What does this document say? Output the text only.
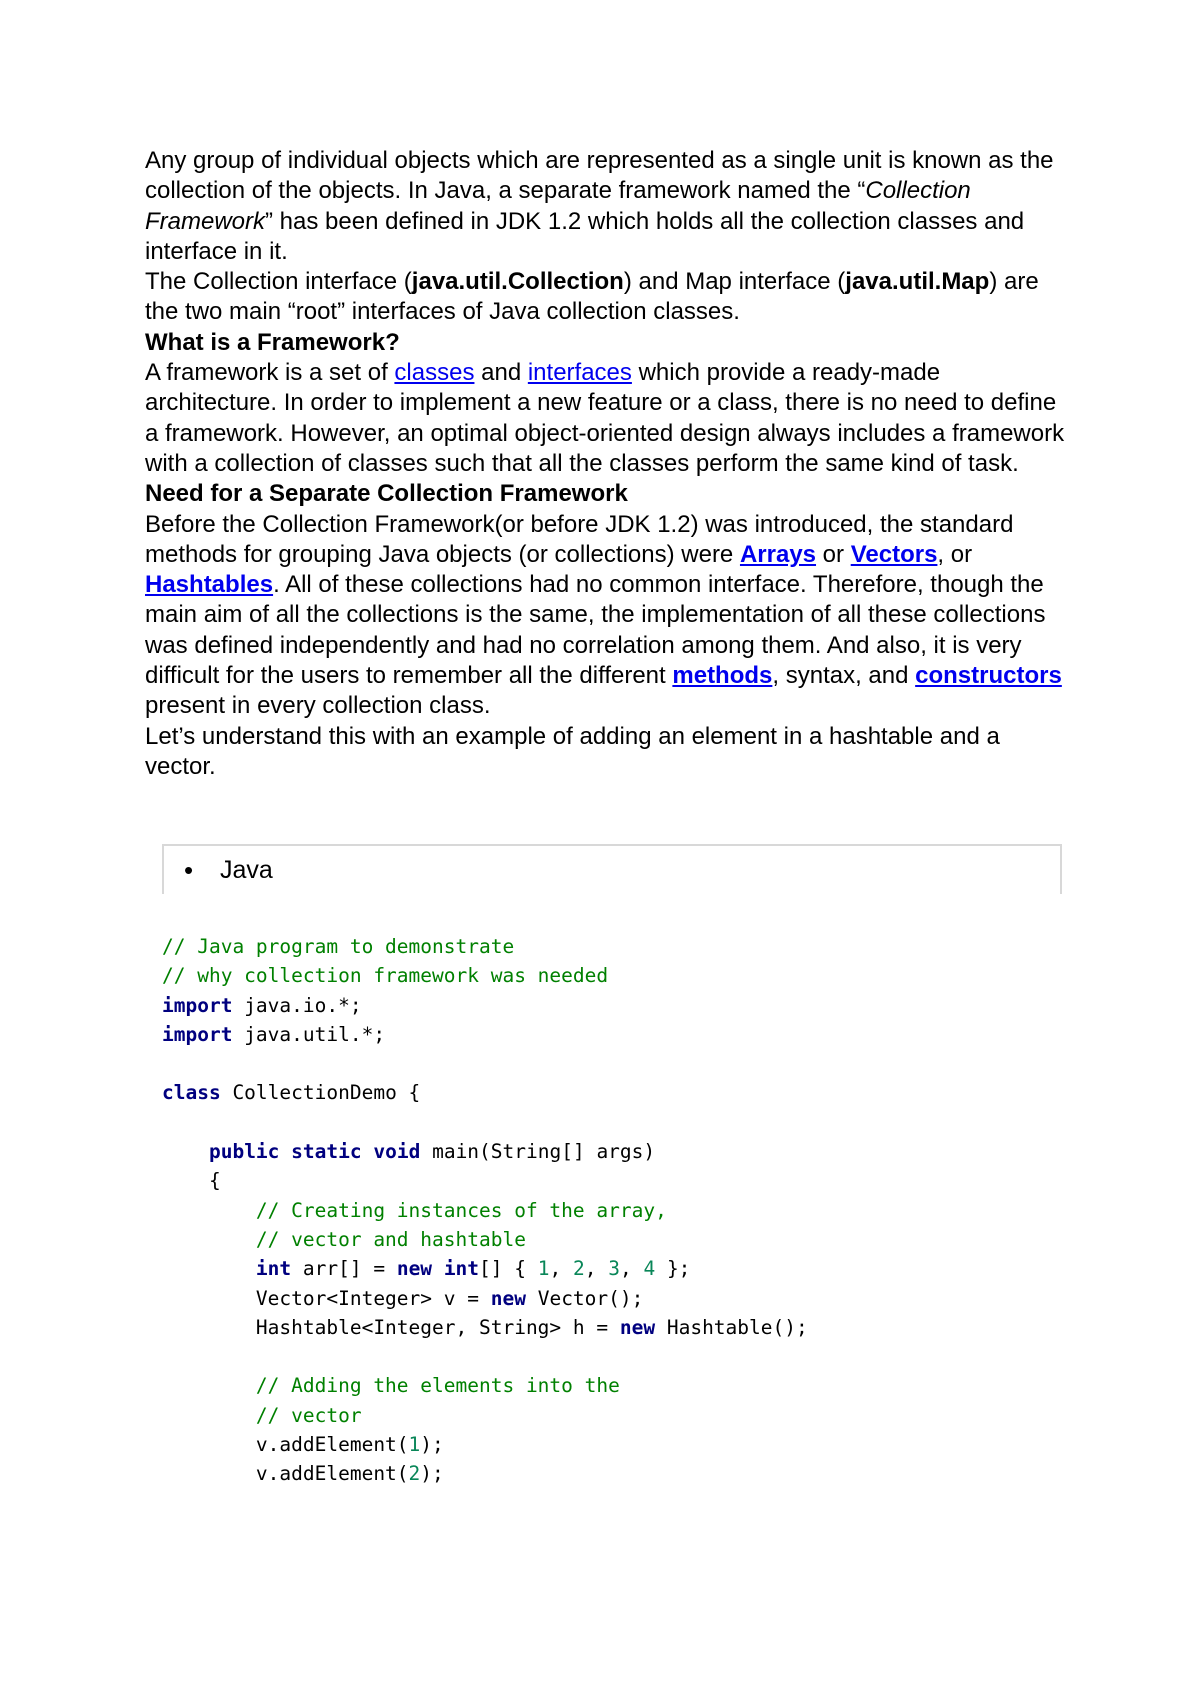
Any group of individual objects which are represented as a single unit is known as the collection of the objects. In Java, a separate framework named the “Collection Framework” has been defined in JDK 1.2 which holds all the collection classes and interface in it.

The Collection interface (java.util.Collection) and Map interface (java.util.Map) are the two main “root” interfaces of Java collection classes.

What is a Framework?

A framework is a set of classes and interfaces which provide a ready-made architecture. In order to implement a new feature or a class, there is no need to define a framework. However, an optimal object-oriented design always includes a framework with a collection of classes such that all the classes perform the same kind of task.

Need for a Separate Collection Framework

Before the Collection Framework(or before JDK 1.2) was introduced, the standard methods for grouping Java objects (or collections) were Arrays or Vectors, or Hashtables. All of these collections had no common interface. Therefore, though the main aim of all the collections is the same, the implementation of all these collections was defined independently and had no correlation among them. And also, it is very difficult for the users to remember all the different methods, syntax, and constructors present in every collection class.

Let’s understand this with an example of adding an element in a hashtable and a vector.

• Java
// Java program to demonstrate
// why collection framework was needed
import java.io.*;
import java.util.*;

class CollectionDemo {

public static void main(String[] args)
{
// Creating instances of the array,
// vector and hashtable
int arr[] = new int[] { 1, 2, 3, 4 };
Vector<Integer> v = new Vector();
Hashtable<Integer, String> h = new Hashtable();

// Adding the elements into the
// vector
v.addElement(1);
v.addElement(2);
